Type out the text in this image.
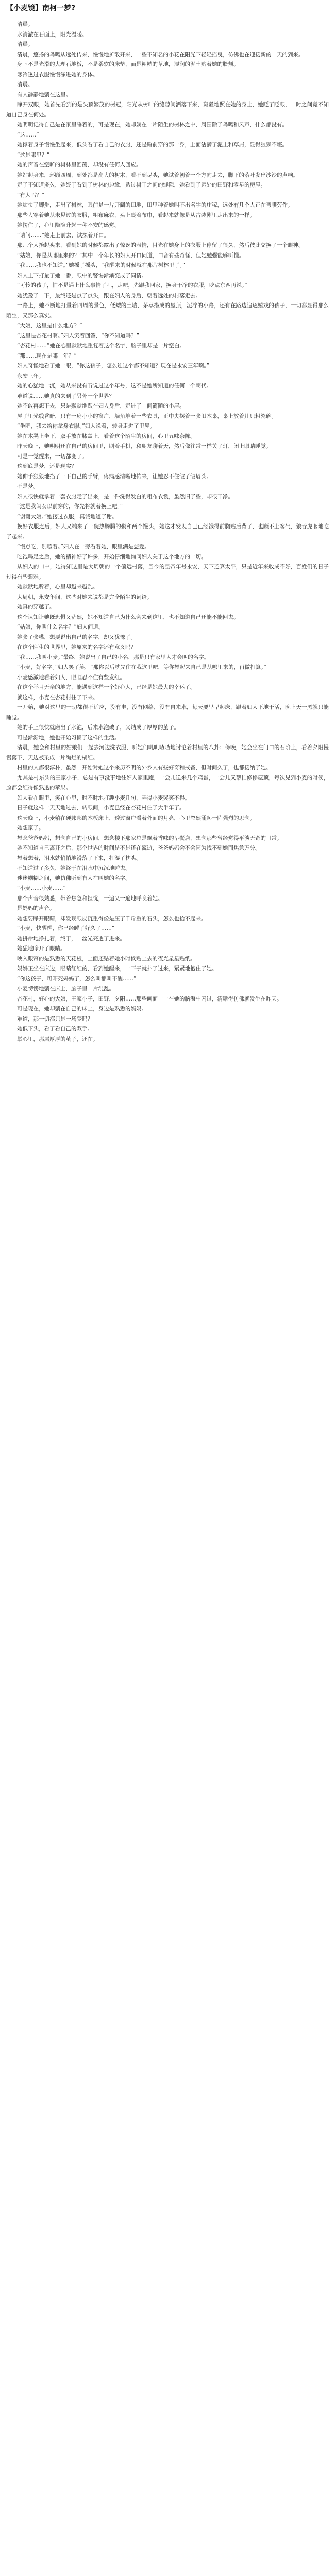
【小麦镜】南柯一梦?

清晨。

水清澈在石面上，阳光温暖。

清晨。

清晨，悠扬的鸟鸣从远处传来，慢慢地扩散开来，一些不知名的小花在阳光下轻轻摇曳，仿佛也在迎接新的一天的到来。

身下不是光滑的大理石地板，不是柔软的床垫，而是粗糙的草地，湿润的泥土贴着她的脸颊。

寒冷透过衣服慢慢渗进她的身体。

清晨。

有人静静地躺在这里。

睁开双眼，她首先看到的是头顶繁茂的树冠，阳光从树叶的缝隙间洒落下来，斑驳地照在她的身上，她眨了眨眼，一时之间竟不知道自己身在何处。

她明明记得自己是在家里睡着的，可是现在，她却躺在一片陌生的树林之中，周围除了鸟鸣和风声，什么都没有。

“这……”

她撑着身子慢慢坐起来，低头看了看自己的衣服，还是睡前穿的那一身，上面沾满了泥土和草屑，显得狼狈不堪。

“这是哪里？”

她的声音在空旷的树林里回荡，却没有任何人回应。

她站起身来，环顾四周，到处都是高大的树木，看不到尽头，她试着朝着一个方向走去，脚下的落叶发出沙沙的声响。

走了不知道多久，她终于看到了树林的边缘，透过树干之间的缝隙，她看到了远处的田野和零星的房屋。

“有人吗？”

她加快了脚步，走出了树林，眼前是一片开阔的田地，田里种着她叫不出名字的庄稼，远处有几个人正在弯腰劳作。

那些人穿着她从未见过的衣服，粗布麻衣，头上裹着布巾，看起来就像是从古装剧里走出来的一样。

她愣住了，心里隐隐升起一种不安的感觉。

“请问……”她走上前去，试探着开口。

那几个人抬起头来，看到她的时候都露出了惊讶的表情，目光在她身上的衣服上停留了很久，然后彼此交换了一个眼神。

“姑娘，你是从哪里来的？”其中一个年长的妇人开口问道，口音有些奇怪，但她勉强能够听懂。

“我……我也不知道。”她摇了摇头，“我醒来的时候就在那片树林里了。”

妇人上下打量了她一番，眼中的警惕渐渐变成了同情。

“可怜的孩子，怕不是遇上什么事情了吧，走吧，先跟我回家，换身干净的衣服，吃点东西再说。”

她犹豫了一下，最终还是点了点头，跟在妇人的身后，朝着远处的村落走去。

一路上，她不断地打量着四周的景色，低矮的土墙，茅草搭成的屋顶，泥泞的小路，还有在路边追逐嬉戏的孩子，一切都显得那么陌生，又那么真实。

“大娘，这里是什么地方？”

“这里是杏花村啊。”妇人笑着回答，“你不知道吗？”

“杏花村……”她在心里默默地重复着这个名字，脑子里却是一片空白。

“那……现在是哪一年？”

妇人奇怪地看了她一眼，“你这孩子，怎么连这个都不知道？现在是永安三年啊。”

永安三年。

她的心猛地一沉，她从来没有听说过这个年号，这不是她所知道的任何一个朝代。

难道说……她真的来到了另外一个世界？

她不敢再想下去，只是默默地跟在妇人身后，走进了一间简陋的小屋。

屋子里光线昏暗，只有一扇小小的窗户，墙角堆着一些农具，正中央摆着一张旧木桌，桌上放着几只粗瓷碗。

“坐吧，我去给你拿身衣服。”妇人说着，转身走进了里屋。

她在木凳上坐下，双手放在膝盖上，看着这个陌生的房间，心里五味杂陈。

昨天晚上，她明明还在自己的房间里，刷着手机，和朋友聊着天，然后像往常一样关了灯，闭上眼睛睡觉。

可是一觉醒来，一切都变了。

这到底是梦，还是现实？

她伸手狠狠地掐了一下自己的手臂，疼痛感清晰地传来，让她忍不住皱了皱眉头。

不是梦。

妇人很快就拿着一套衣服走了出来，是一件洗得发白的粗布衣裳，虽然旧了些，却很干净。

“这是我闺女以前穿的，你先将就着换上吧。”

“谢谢大娘。”她接过衣服，真诚地道了谢。

换好衣服之后，妇人又端来了一碗热腾腾的粥和两个馒头，她这才发现自己已经饿得前胸贴后背了，也顾不上客气，狼吞虎咽地吃了起来。

“慢点吃，别噎着。”妇人在一旁看着她，眼里满是慈爱。

吃饱喝足之后，她的精神好了许多，开始仔细地询问妇人关于这个地方的一切。

从妇人的口中，她得知这里是大周朝的一个偏远村落，当今的皇帝年号永安，天下还算太平，只是近年来收成不好，百姓们的日子过得有些艰难。

她默默地听着，心里却越来越乱。

大周朝，永安年间，这些对她来说都是完全陌生的词语。

她真的穿越了。

这个认知让她既恐惧又茫然，她不知道自己为什么会来到这里，也不知道自己还能不能回去。

“姑娘，你叫什么名字？”妇人问道。

她张了张嘴，想要说出自己的名字，却又犹豫了。

在这个陌生的世界里，她原来的名字还有意义吗？

“我……我叫小麦。”最终，她说出了自己的小名，那是只有家里人才会叫的名字。

“小麦，好名字。”妇人笑了笑，“那你以后就先住在我这里吧，等你想起来自己是从哪里来的，再做打算。”

小麦感激地看着妇人，眼眶忍不住有些发红。

在这个举目无亲的地方，能遇到这样一个好心人，已经是她最大的幸运了。

就这样，小麦在杏花村住了下来。

一开始，她对这里的一切都很不适应，没有电，没有网络，没有自来水，每天要早早起床，跟着妇人下地干活，晚上天一黑就只能睡觉。

她的手上很快就磨出了水泡，后来水泡破了，又结成了厚厚的茧子。

可是渐渐地，她也开始习惯了这样的生活。

清晨，她会和村里的姑娘们一起去河边洗衣服，听她们叽叽喳喳地讨论着村里的八卦；傍晚，她会坐在门口的石阶上，看着夕阳慢慢落下，天边被染成一片绚烂的橘红。

村里的人都很淳朴，虽然一开始对她这个来历不明的外乡人有些好奇和戒备，但时间久了，也都接纳了她。

尤其是村东头的王家小子，总是有事没事地往妇人家里跑，一会儿送来几个鸡蛋，一会儿又帮忙修修屋顶，每次见到小麦的时候，脸都会红得像熟透的苹果。

妇人看在眼里，笑在心里，时不时地打趣小麦几句，弄得小麦哭笑不得。

日子就这样一天天地过去，转眼间，小麦已经在杏花村住了大半年了。

这天晚上，小麦躺在硬邦邦的木板床上，透过窗户看着外面的月亮，心里忽然涌起一阵强烈的思念。

她想家了。

想念爸爸妈妈，想念自己的小房间，想念楼下那家总是飘着香味的早餐店，想念那些曾经觉得平淡无奇的日常。

她不知道自己离开之后，那个世界的时间是不是还在流逝，爸爸妈妈会不会因为找不到她而焦急万分。

想着想着，泪水就悄悄地滑落了下来，打湿了枕头。

不知道过了多久，她终于在泪水中沉沉地睡去。

迷迷糊糊之间，她仿佛听到有人在叫她的名字。

“小麦……小麦……”

那个声音很熟悉，带着焦急和担忧，一遍又一遍地呼唤着她。

是妈妈的声音。

她想要睁开眼睛，却发现眼皮沉重得像是压了千斤重的石头，怎么也抬不起来。

“小麦，快醒醒，你已经睡了好久了……”

她拼命地挣扎着，终于，一丝光亮透了进来。

她猛地睁开了眼睛。

映入眼帘的是熟悉的天花板，上面还贴着她小时候贴上去的夜光星星贴纸。

妈妈正坐在床边，眼睛红红的，看到她醒来，一下子就扑了过来，紧紧地抱住了她。

“你这孩子，可吓死妈妈了，怎么叫都叫不醒……”

小麦愣愣地躺在床上，脑子里一片混乱。

杏花村，好心的大娘，王家小子，田野，夕阳……那些画面一一在她的脑海中闪过，清晰得仿佛就发生在昨天。

可是现在，她却躺在自己的床上，身边是熟悉的妈妈。

难道，那一切都只是一场梦吗？

她低下头，看了看自己的双手。

掌心里，那层厚厚的茧子，还在。
